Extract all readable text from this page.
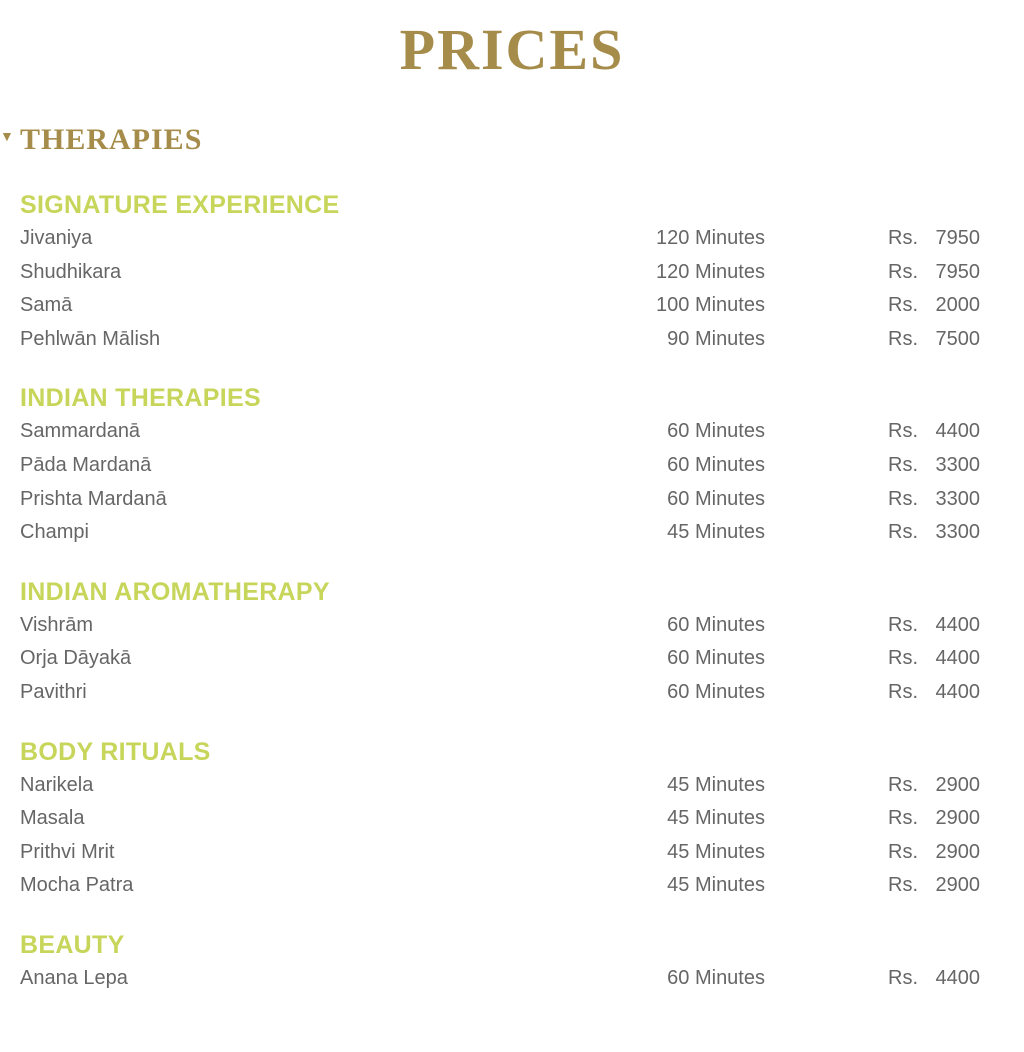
PRICES
▼ THERAPIES
SIGNATURE EXPERIENCE
Jivaniya	120 Minutes	Rs. 7950
Shudhikara	120 Minutes	Rs. 7950
Samā	100 Minutes	Rs. 2000
Pehlwān Mālish	90 Minutes	Rs. 7500
INDIAN THERAPIES
Sammardanā	60 Minutes	Rs. 4400
Pāda Mardanā	60 Minutes	Rs. 3300
Prishta Mardanā	60 Minutes	Rs. 3300
Champi	45 Minutes	Rs. 3300
INDIAN AROMATHERAPY
Vishrām	60 Minutes	Rs. 4400
Orja Dāyakā	60 Minutes	Rs. 4400
Pavithri	60 Minutes	Rs. 4400
BODY RITUALS
Narikela	45 Minutes	Rs. 2900
Masala	45 Minutes	Rs. 2900
Prithvi Mrit	45 Minutes	Rs. 2900
Mocha Patra	45 Minutes	Rs. 2900
BEAUTY
Anana Lepa	60 Minutes	Rs. 4400
